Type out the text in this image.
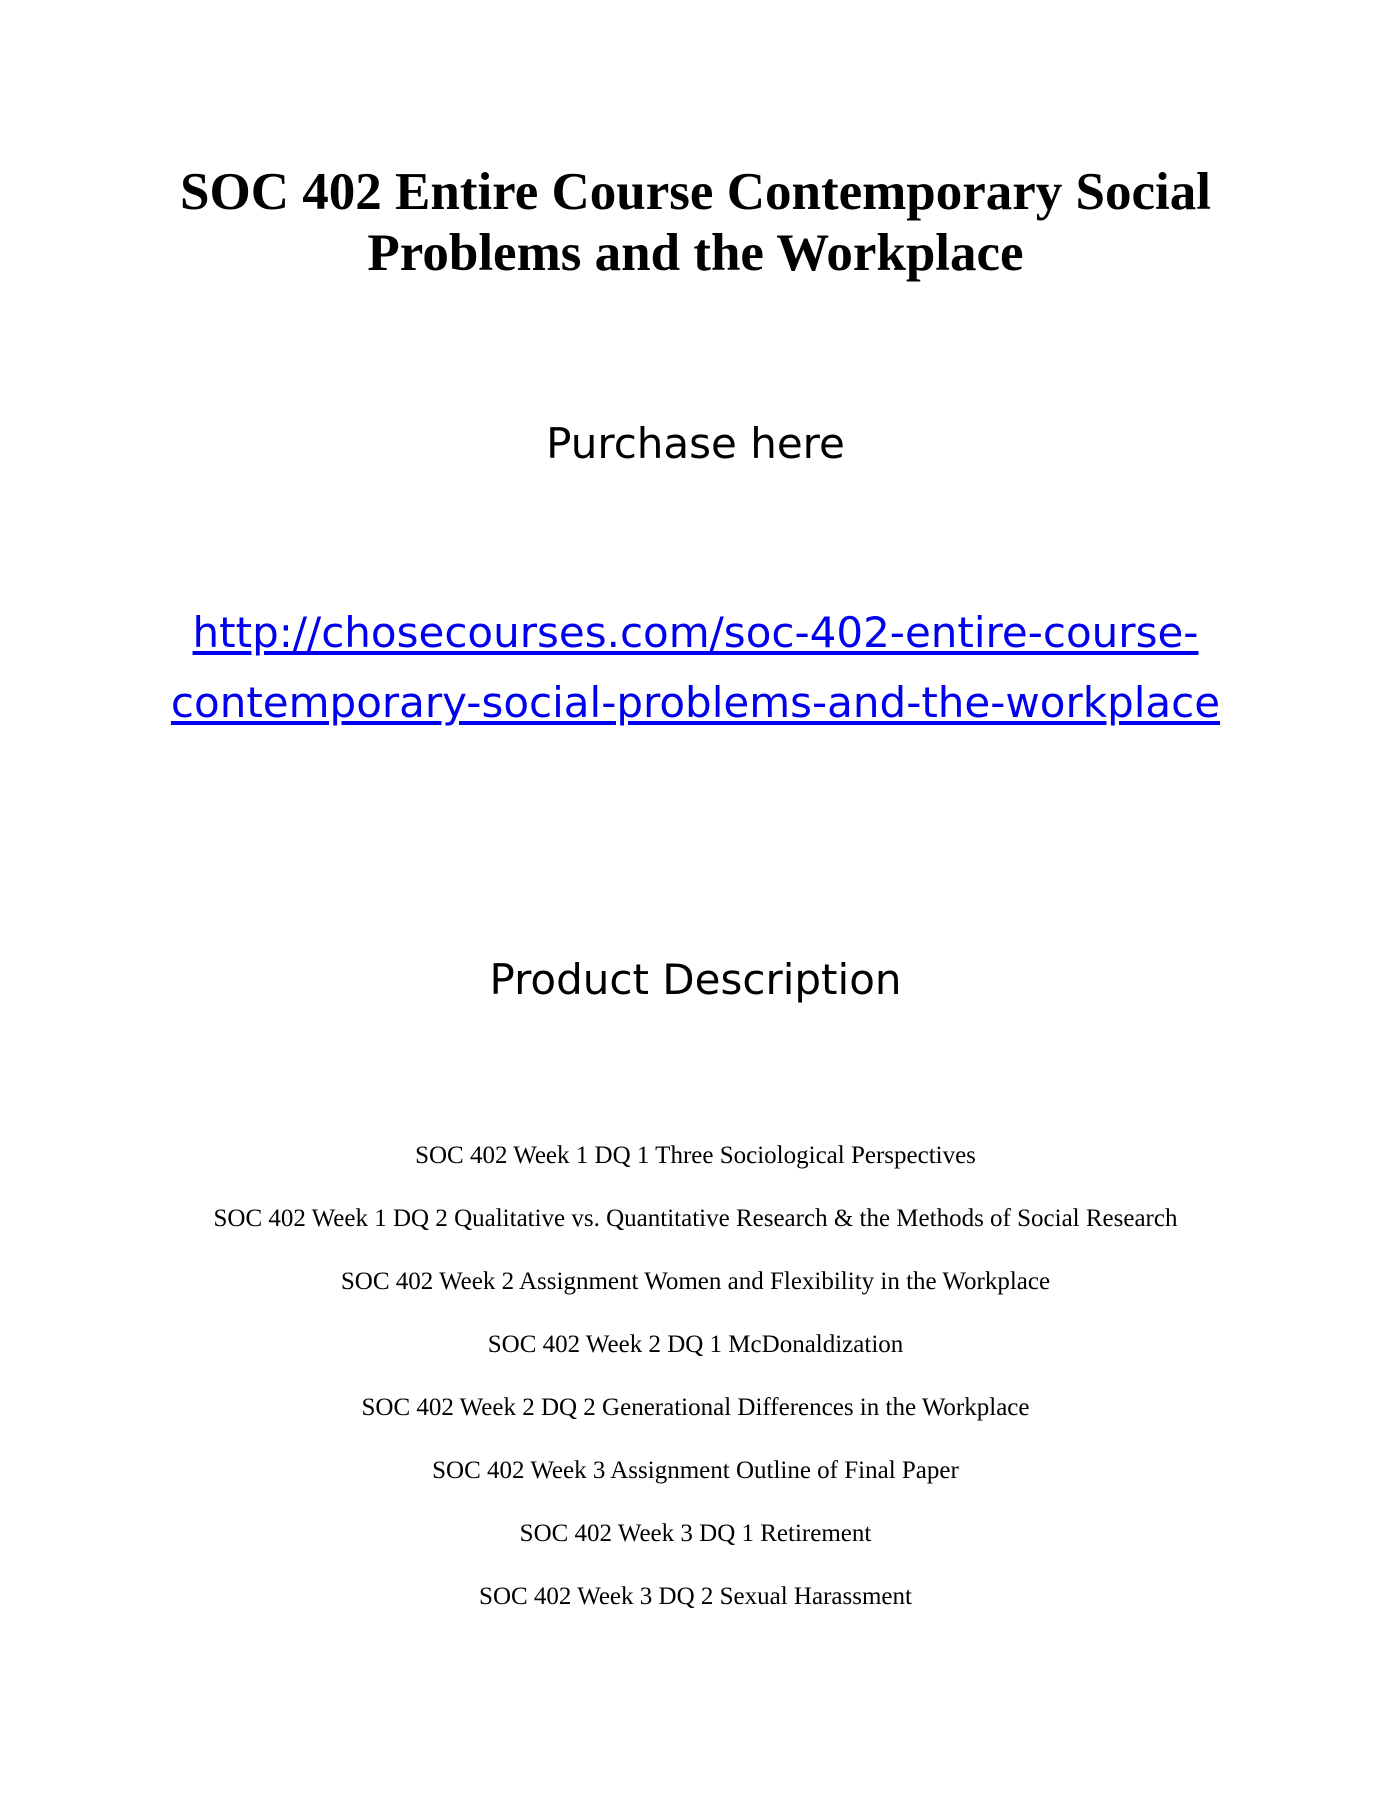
SOC 402 Entire Course Contemporary Social
Problems and the Workplace
Purchase here
http://chosecourses.com/soc-402-entire-course-
contemporary-social-problems-and-the-workplace
Product Description
SOC 402 Week 1 DQ 1 Three Sociological Perspectives
SOC 402 Week 1 DQ 2 Qualitative vs. Quantitative Research & the Methods of Social Research
SOC 402 Week 2 Assignment Women and Flexibility in the Workplace
SOC 402 Week 2 DQ 1 McDonaldization
SOC 402 Week 2 DQ 2 Generational Differences in the Workplace
SOC 402 Week 3 Assignment Outline of Final Paper
SOC 402 Week 3 DQ 1 Retirement
SOC 402 Week 3 DQ 2 Sexual Harassment
